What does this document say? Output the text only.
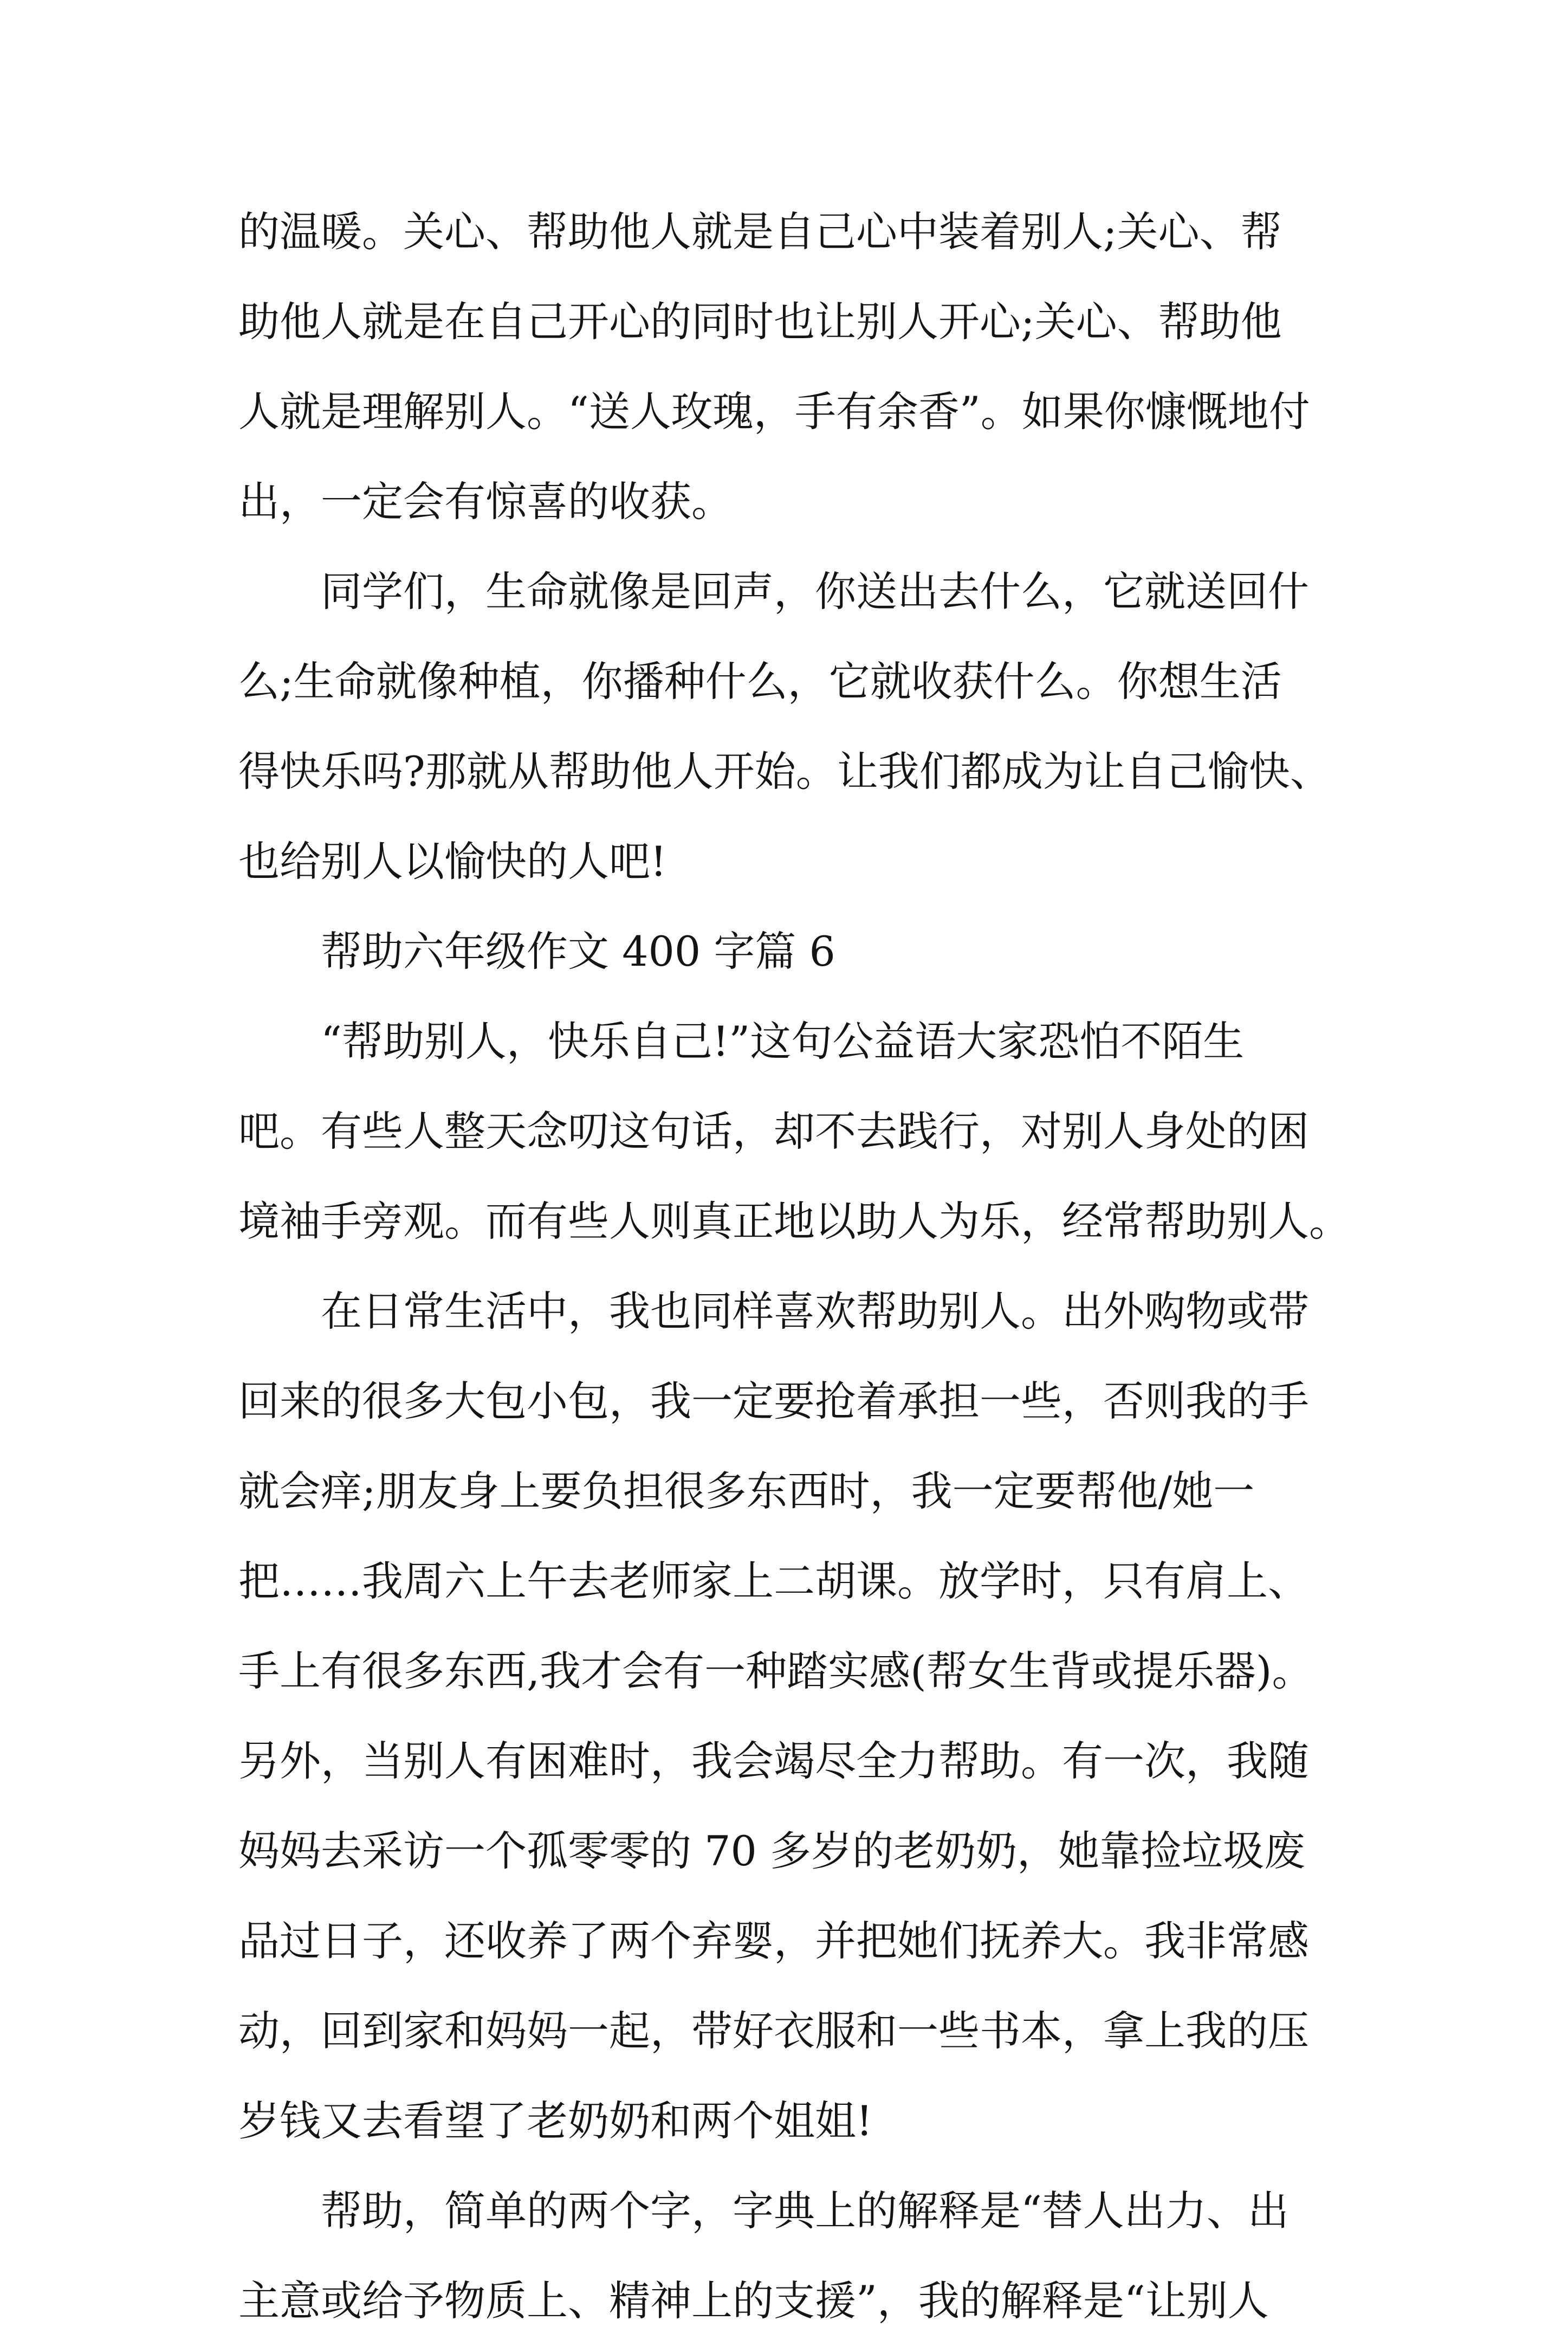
的温暖。关心、帮助他人就是自己心中装着别人;关心、帮
助他人就是在自己开心的同时也让别人开心;关心、帮助他
人就是理解别人。“送人玫瑰，手有余香”。如果你慷慨地付
出，一定会有惊喜的收获。
同学们，生命就像是回声，你送出去什么，它就送回什
么;生命就像种植，你播种什么，它就收获什么。你想生活
得快乐吗?那就从帮助他人开始。让我们都成为让自己愉快、
也给别人以愉快的人吧!
帮助六年级作文 400 字篇 6
“帮助别人，快乐自己!”这句公益语大家恐怕不陌生
吧。有些人整天念叨这句话，却不去践行，对别人身处的困
境袖手旁观。而有些人则真正地以助人为乐，经常帮助别人。
在日常生活中，我也同样喜欢帮助别人。出外购物或带
回来的很多大包小包，我一定要抢着承担一些，否则我的手
就会痒;朋友身上要负担很多东西时，我一定要帮他/她一
把……我周六上午去老师家上二胡课。放学时，只有肩上、
手上有很多东西,我才会有一种踏实感(帮女生背或提乐器)。
另外，当别人有困难时，我会竭尽全力帮助。有一次，我随
妈妈去采访一个孤零零的 70 多岁的老奶奶，她靠捡垃圾废
品过日子，还收养了两个弃婴，并把她们抚养大。我非常感
动，回到家和妈妈一起，带好衣服和一些书本，拿上我的压
岁钱又去看望了老奶奶和两个姐姐!
帮助，简单的两个字，字典上的解释是“替人出力、出
主意或给予物质上、精神上的支援”，我的解释是“让别人
